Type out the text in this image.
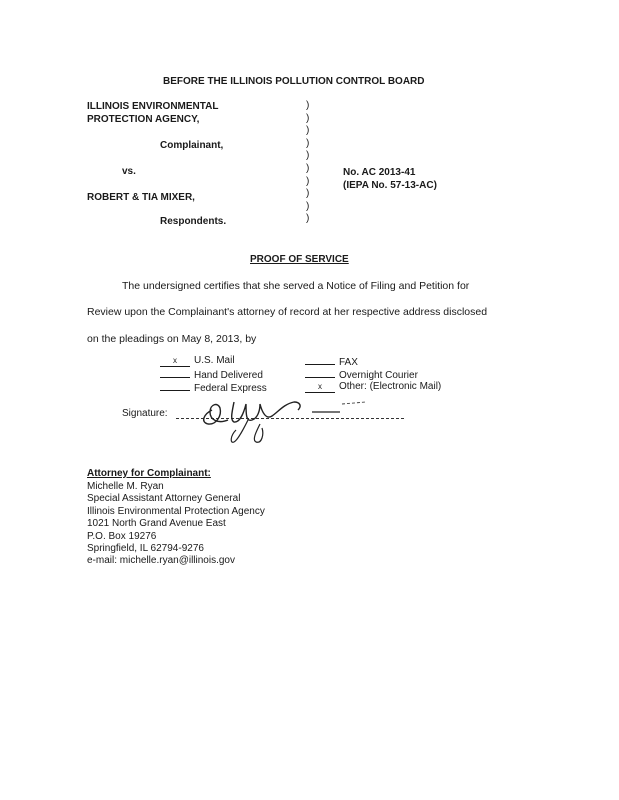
BEFORE THE ILLINOIS POLLUTION CONTROL BOARD
ILLINOIS ENVIRONMENTAL
PROTECTION AGENCY,
Complainant,
vs.
ROBERT & TIA MIXER,
Respondents.
)
)
)
)
)
)
)
)
)
)
No. AC 2013-41
(IEPA No. 57-13-AC)
PROOF OF SERVICE
The undersigned certifies that she served a Notice of Filing and Petition for
Review upon the Complainant's attorney of record at her respective address disclosed
on the pleadings on May 8, 2013, by
x U.S. Mail
Hand Delivered
Federal Express
FAX
Overnight Courier
x Other: (Electronic Mail)
Signature:
Attorney for Complainant:
Michelle M. Ryan
Special Assistant Attorney General
Illinois Environmental Protection Agency
1021 North Grand Avenue East
P.O. Box 19276
Springfield, IL 62794-9276
e-mail: michelle.ryan@illinois.gov
